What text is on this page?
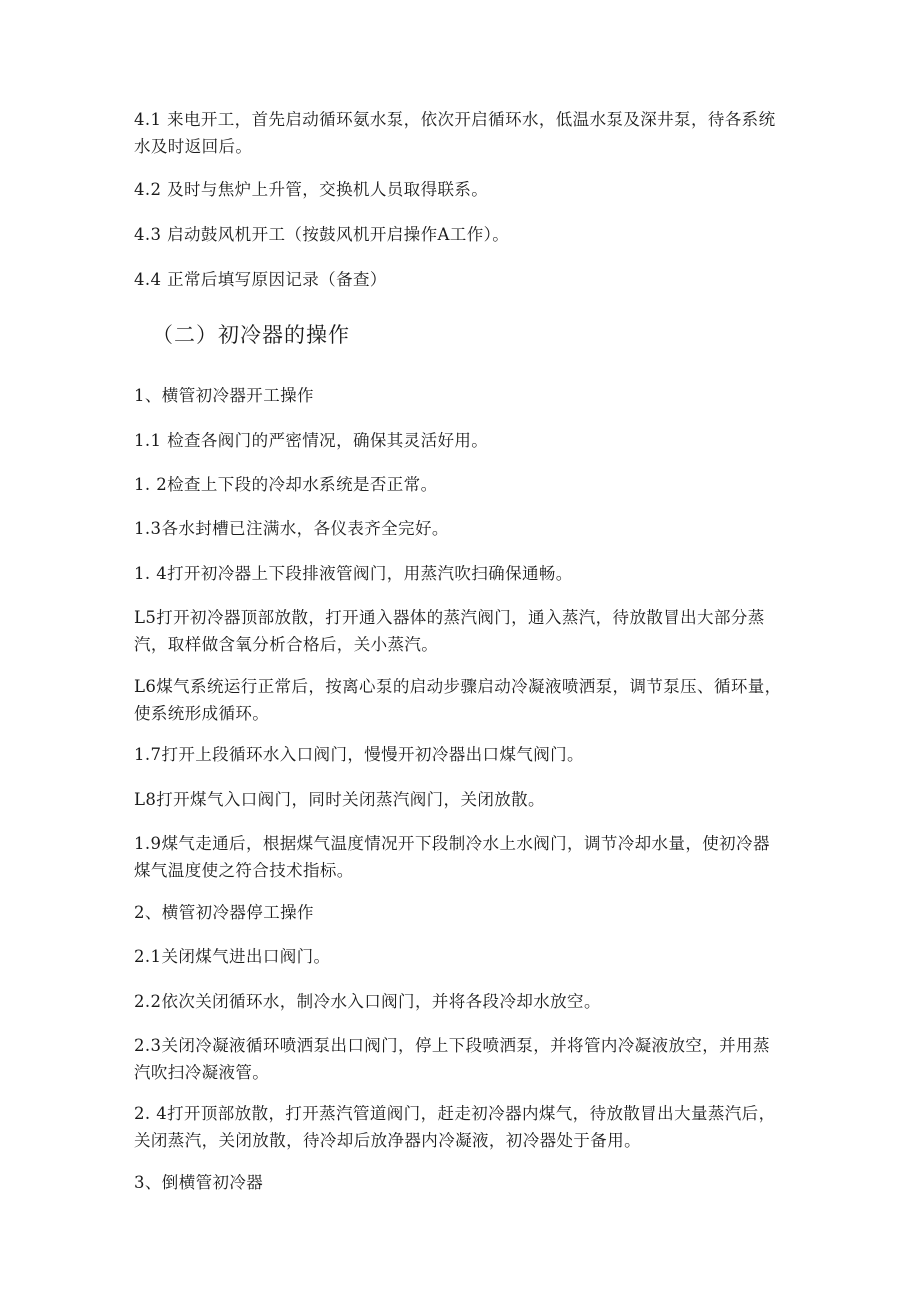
4.1 来电开工，首先启动循环氨水泵，依次开启循环水，低温水泵及深井泵，待各系统水及时返回后。

4.2 及时与焦炉上升管，交换机人员取得联系。

4.3 启动鼓风机开工（按鼓风机开启操作A工作）。

4.4 正常后填写原因记录（备查）

（二）初冷器的操作

1、横管初冷器开工操作

1.1 检查各阀门的严密情况，确保其灵活好用。

1. 2检查上下段的冷却水系统是否正常。

1.3各水封槽已注满水，各仪表齐全完好。

1. 4打开初冷器上下段排液管阀门，用蒸汽吹扫确保通畅。

L5打开初冷器顶部放散，打开通入器体的蒸汽阀门，通入蒸汽，待放散冒出大部分蒸汽，取样做含氧分析合格后，关小蒸汽。

L6煤气系统运行正常后，按离心泵的启动步骤启动冷凝液喷洒泵，调节泵压、循环量，使系统形成循环。

1.7打开上段循环水入口阀门，慢慢开初冷器出口煤气阀门。

L8打开煤气入口阀门，同时关闭蒸汽阀门，关闭放散。

1.9煤气走通后，根据煤气温度情况开下段制冷水上水阀门，调节冷却水量，使初冷器煤气温度使之符合技术指标。

2、横管初冷器停工操作

2.1关闭煤气进出口阀门。

2.2依次关闭循环水，制冷水入口阀门，并将各段冷却水放空。

2.3关闭冷凝液循环喷洒泵出口阀门，停上下段喷洒泵，并将管内冷凝液放空，并用蒸汽吹扫冷凝液管。

2. 4打开顶部放散，打开蒸汽管道阀门，赶走初冷器内煤气，待放散冒出大量蒸汽后，关闭蒸汽，关闭放散，待冷却后放净器内冷凝液，初冷器处于备用。

3、倒横管初冷器
